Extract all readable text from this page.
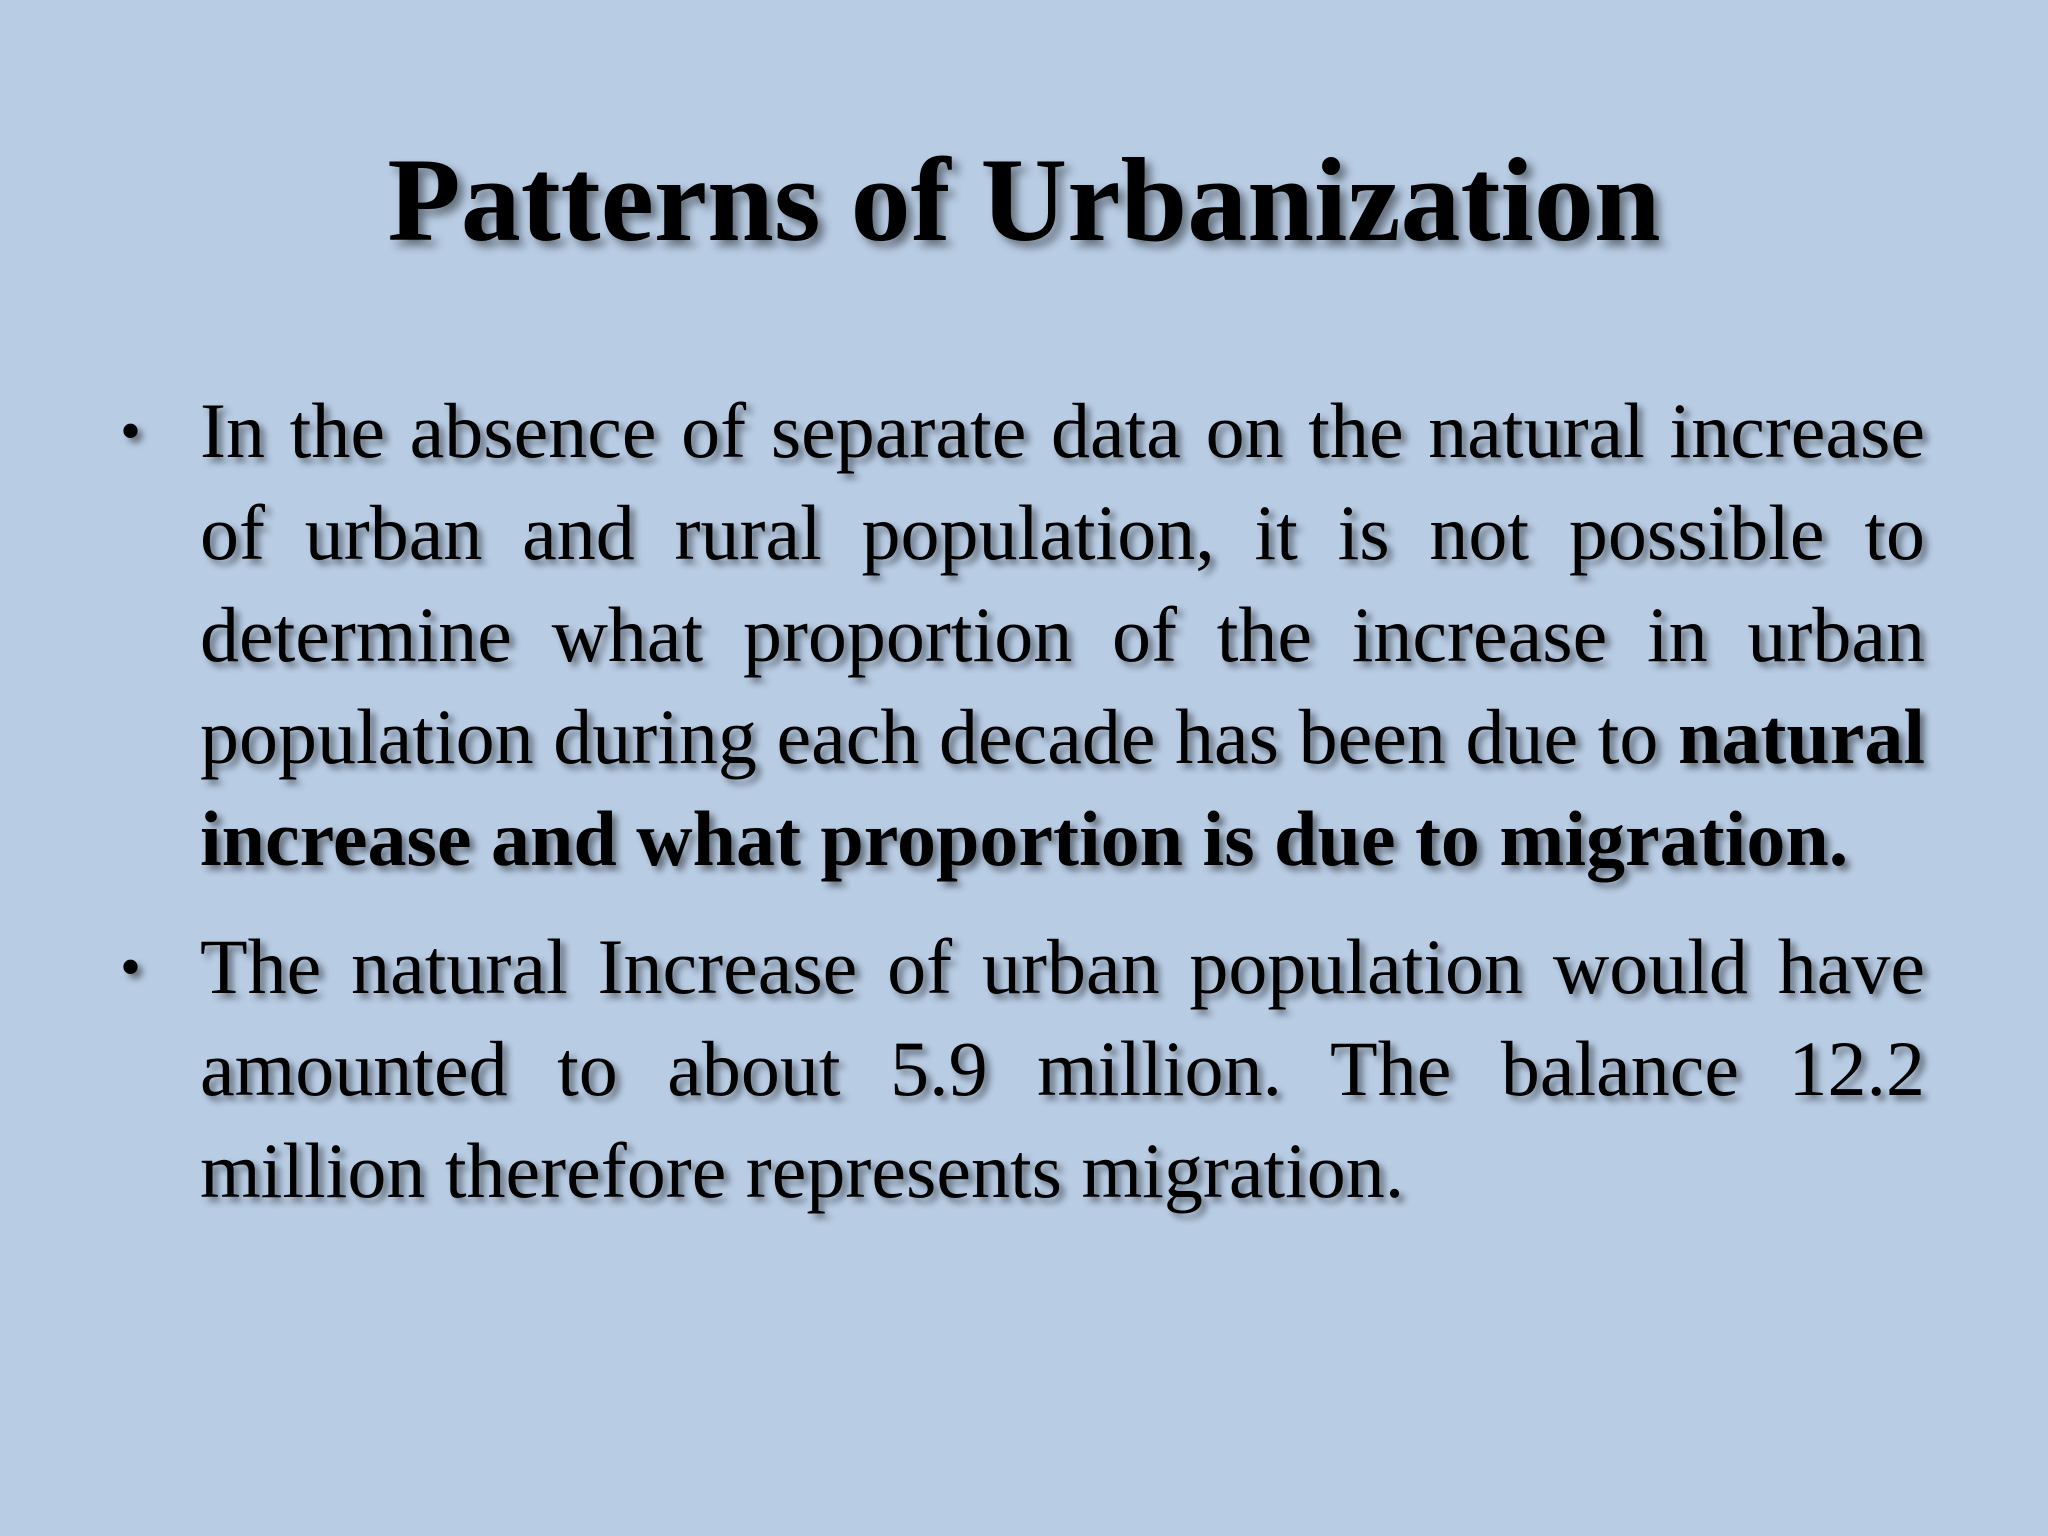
Patterns of Urbanization
• In the absence of separate data on the natural increase of urban and rural population, it is not possible to determine what proportion of the increase in urban population during each decade has been due to natural increase and what proportion is due to migration.
• The natural Increase of urban population would have amounted to about 5.9 million. The balance 12.2 million therefore represents migration.
